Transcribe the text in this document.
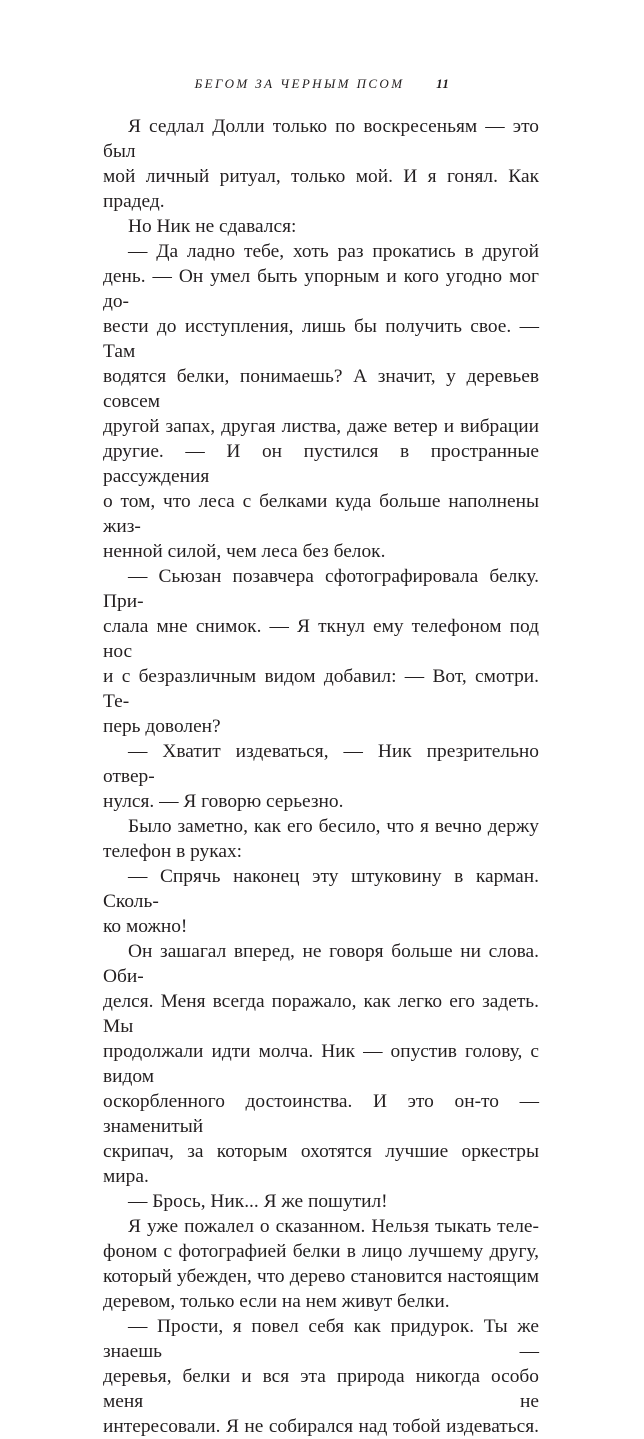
БЕГОМ ЗА ЧЕРНЫМ ПСОМ 11
Я седлал Долли только по воскресеньям — это был
мой личный ритуал, только мой. И я гонял. Как прадед.
Но Ник не сдавался:
— Да ладно тебе, хоть раз прокатись в другой
день. — Он умел быть упорным и кого угодно мог до-
вести до исступления, лишь бы получить свое. — Там
водятся белки, понимаешь? А значит, у деревьев совсем
другой запах, другая листва, даже ветер и вибрации
другие. — И он пустился в пространные рассуждения
о том, что леса с белками куда больше наполнены жиз-
ненной силой, чем леса без белок.
— Сьюзан позавчера сфотографировала белку. При-
слала мне снимок. — Я ткнул ему телефоном под нос
и с безразличным видом добавил: — Вот, смотри. Те-
перь доволен?
— Хватит издеваться, — Ник презрительно отвер-
нулся. — Я говорю серьезно.
Было заметно, как его бесило, что я вечно держу
телефон в руках:
— Спрячь наконец эту штуковину в карман. Сколь-
ко можно!
Он зашагал вперед, не говоря больше ни слова. Оби-
делся. Меня всегда поражало, как легко его задеть. Мы
продолжали идти молча. Ник — опустив голову, с видом
оскорбленного достоинства. И это он-то — знаменитый
скрипач, за которым охотятся лучшие оркестры мира.
— Брось, Ник... Я же пошутил!
Я уже пожалел о сказанном. Нельзя тыкать теле-
фоном с фотографией белки в лицо лучшему другу,
который убежден, что дерево становится настоящим
деревом, только если на нем живут белки.
— Прости, я повел себя как придурок. Ты же знаешь —
деревья, белки и вся эта природа никогда особо меня не
интересовали. Я не собирался над тобой издеваться.
